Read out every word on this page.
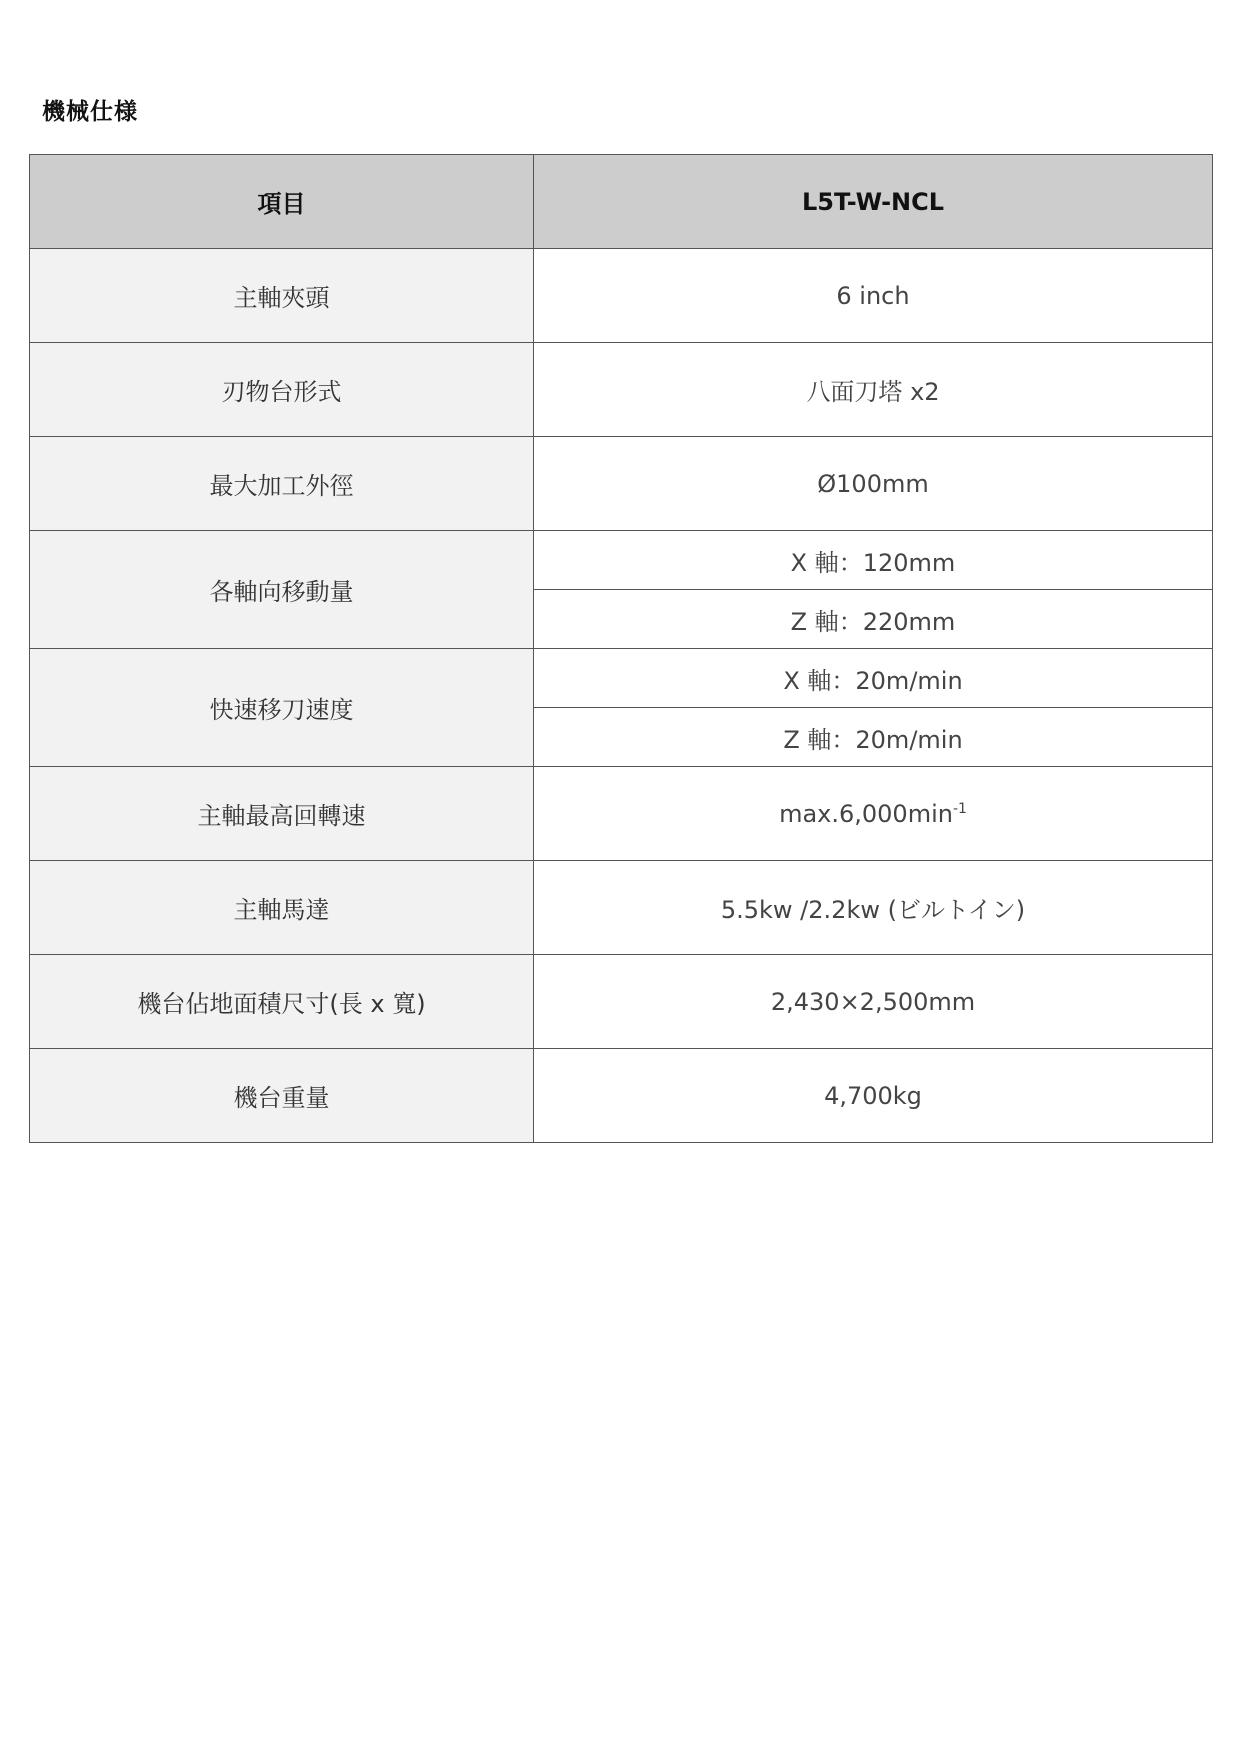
機械仕様
項目	L5T-W-NCL
主軸夾頭	6 inch
刃物台形式	八面刀塔 x2
最大加工外徑	Ø100mm
各軸向移動量	X 軸：120mm
	Z 軸：220mm
快速移刀速度	X 軸：20m/min
	Z 軸：20m/min
主軸最高回轉速	$\max.6,000\min^{-1}$
主軸馬達	5.5kw /2.2kw (ビルトイン)
機台佔地面積尺寸(長 x 寬)	2,430×2,500mm
機台重量	4,700kg
